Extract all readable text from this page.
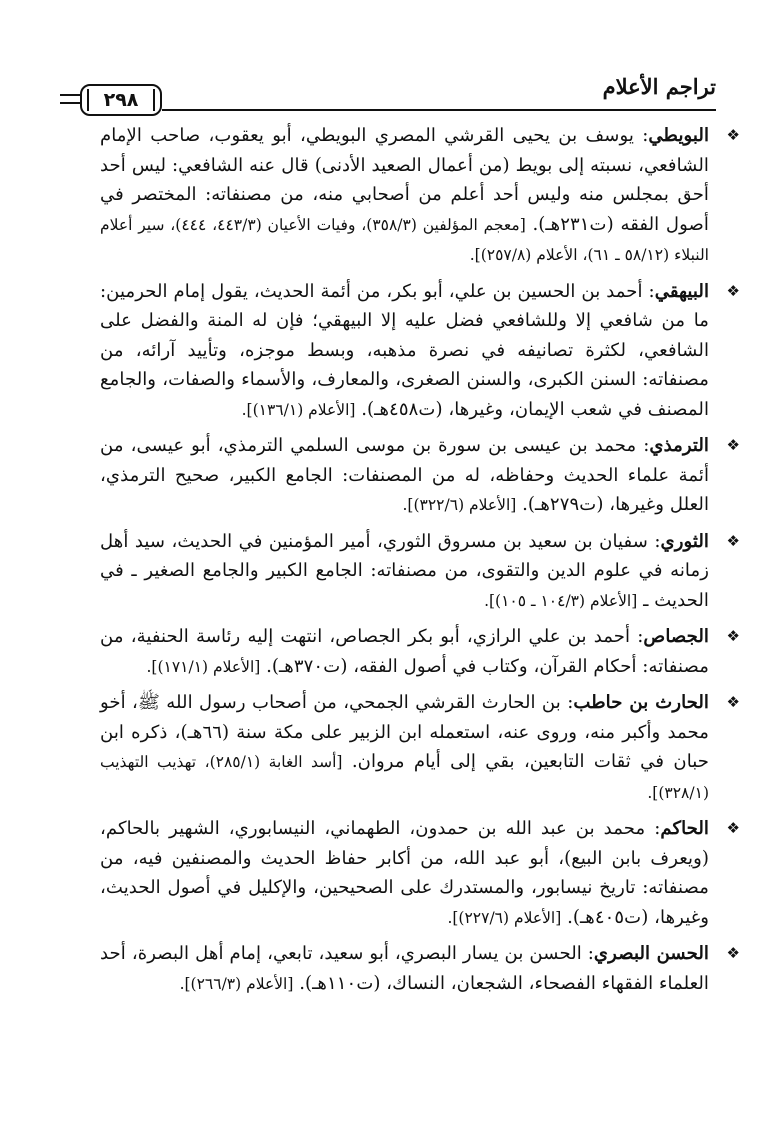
تراجم الأعلام
٢٩٨

❖
البويطي : يوسف بن يحيى القرشي المصري البويطي، أبو يعقوب، صاحب الإمام الشافعي، نسبته إلى بويط (من أعمال الصعيد الأدنى) قال عنه الشافعي: ليس أحد أحق بمجلس منه وليس أحد أعلم من أصحابي منه، من مصنفاته: المختصر في أصول الفقه (ت٢٣١هـ). [معجم المؤلفين (٣٥٨/٣)، وفيات الأعيان (٤٤٣/٣، ٤٤٤)، سير أعلام النبلاء (٥٨/١٢ ـ ٦١)، الأعلام (٢٥٧/٨)].

❖
البيهقي : أحمد بن الحسين بن علي، أبو بكر، من أئمة الحديث، يقول إمام الحرمين: ما من شافعي إلا وللشافعي فضل عليه إلا البيهقي؛ فإن له المنة والفضل على الشافعي، لكثرة تصانيفه في نصرة مذهبه، وبسط موجزه، وتأييد آرائه، من مصنفاته: السنن الكبرى، والسنن الصغرى، والمعارف، والأسماء والصفات، والجامع المصنف في شعب الإيمان، وغيرها، (ت٤٥٨هـ). [الأعلام (١٣٦/١)].

❖
الترمذي : محمد بن عيسى بن سورة بن موسى السلمي الترمذي، أبو عيسى، من أئمة علماء الحديث وحفاظه، له من المصنفات: الجامع الكبير، صحيح الترمذي، العلل وغيرها، (ت٢٧٩هـ). [الأعلام (٣٢٢/٦)].

❖
الثوري : سفيان بن سعيد بن مسروق الثوري، أمير المؤمنين في الحديث، سيد أهل زمانه في علوم الدين والتقوى، من مصنفاته: الجامع الكبير والجامع الصغير ـ في الحديث ـ [الأعلام (١٠٤/٣ ـ ١٠٥)].

❖
الجصاص : أحمد بن علي الرازي، أبو بكر الجصاص، انتهت إليه رئاسة الحنفية، من مصنفاته: أحكام القرآن، وكتاب في أصول الفقه، (ت٣٧٠هـ). [الأعلام (١٧١/١)].

❖
الحارث بن حاطب : بن الحارث القرشي الجمحي، من أصحاب رسول الله ﷺ، أخو محمد وأكبر منه، وروى عنه، استعمله ابن الزبير على مكة سنة (٦٦هـ)، ذكره ابن حبان في ثقات التابعين، بقي إلى أيام مروان. [أسد الغابة (٢٨٥/١)، تهذيب التهذيب (٣٢٨/١)].

❖
الحاكم : محمد بن عبد الله بن حمدون، الطهماني، النيسابوري، الشهير بالحاكم، (ويعرف بابن البيع)، أبو عبد الله، من أكابر حفاظ الحديث والمصنفين فيه، من مصنفاته: تاريخ نيسابور، والمستدرك على الصحيحين، والإكليل في أصول الحديث، وغيرها، (ت٤٠٥هـ). [الأعلام (٢٢٧/٦)].

❖
الحسن البصري : الحسن بن يسار البصري، أبو سعيد، تابعي، إمام أهل البصرة، أحد العلماء الفقهاء الفصحاء، الشجعان، النساك، (ت١١٠هـ). [الأعلام (٢٦٦/٣)].
